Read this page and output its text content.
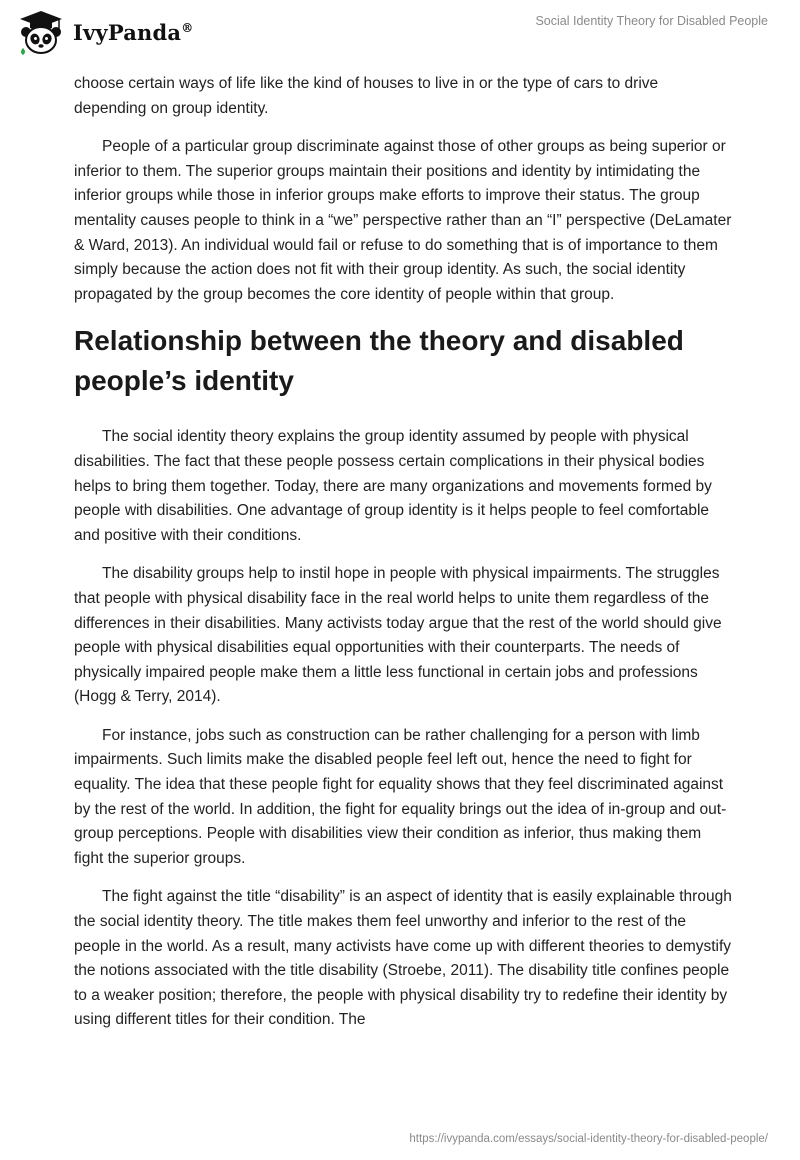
IvyPanda®	Social Identity Theory for Disabled People

choose certain ways of life like the kind of houses to live in or the type of cars to drive depending on group identity.

People of a particular group discriminate against those of other groups as being superior or inferior to them. The superior groups maintain their positions and identity by intimidating the inferior groups while those in inferior groups make efforts to improve their status. The group mentality causes people to think in a “we” perspective rather than an “I” perspective (DeLamater & Ward, 2013). An individual would fail or refuse to do something that is of importance to them simply because the action does not fit with their group identity. As such, the social identity propagated by the group becomes the core identity of people within that group.

Relationship between the theory and disabled people’s identity

The social identity theory explains the group identity assumed by people with physical disabilities. The fact that these people possess certain complications in their physical bodies helps to bring them together. Today, there are many organizations and movements formed by people with disabilities. One advantage of group identity is it helps people to feel comfortable and positive with their conditions.

The disability groups help to instil hope in people with physical impairments. The struggles that people with physical disability face in the real world helps to unite them regardless of the differences in their disabilities. Many activists today argue that the rest of the world should give people with physical disabilities equal opportunities with their counterparts. The needs of physically impaired people make them a little less functional in certain jobs and professions (Hogg & Terry, 2014).

For instance, jobs such as construction can be rather challenging for a person with limb impairments. Such limits make the disabled people feel left out, hence the need to fight for equality. The idea that these people fight for equality shows that they feel discriminated against by the rest of the world. In addition, the fight for equality brings out the idea of in-group and out-group perceptions. People with disabilities view their condition as inferior, thus making them fight the superior groups.

The fight against the title “disability” is an aspect of identity that is easily explainable through the social identity theory. The title makes them feel unworthy and inferior to the rest of the people in the world. As a result, many activists have come up with different theories to demystify the notions associated with the title disability (Stroebe, 2011). The disability title confines people to a weaker position; therefore, the people with physical disability try to redefine their identity by using different titles for their condition. The

https://ivypanda.com/essays/social-identity-theory-for-disabled-people/
